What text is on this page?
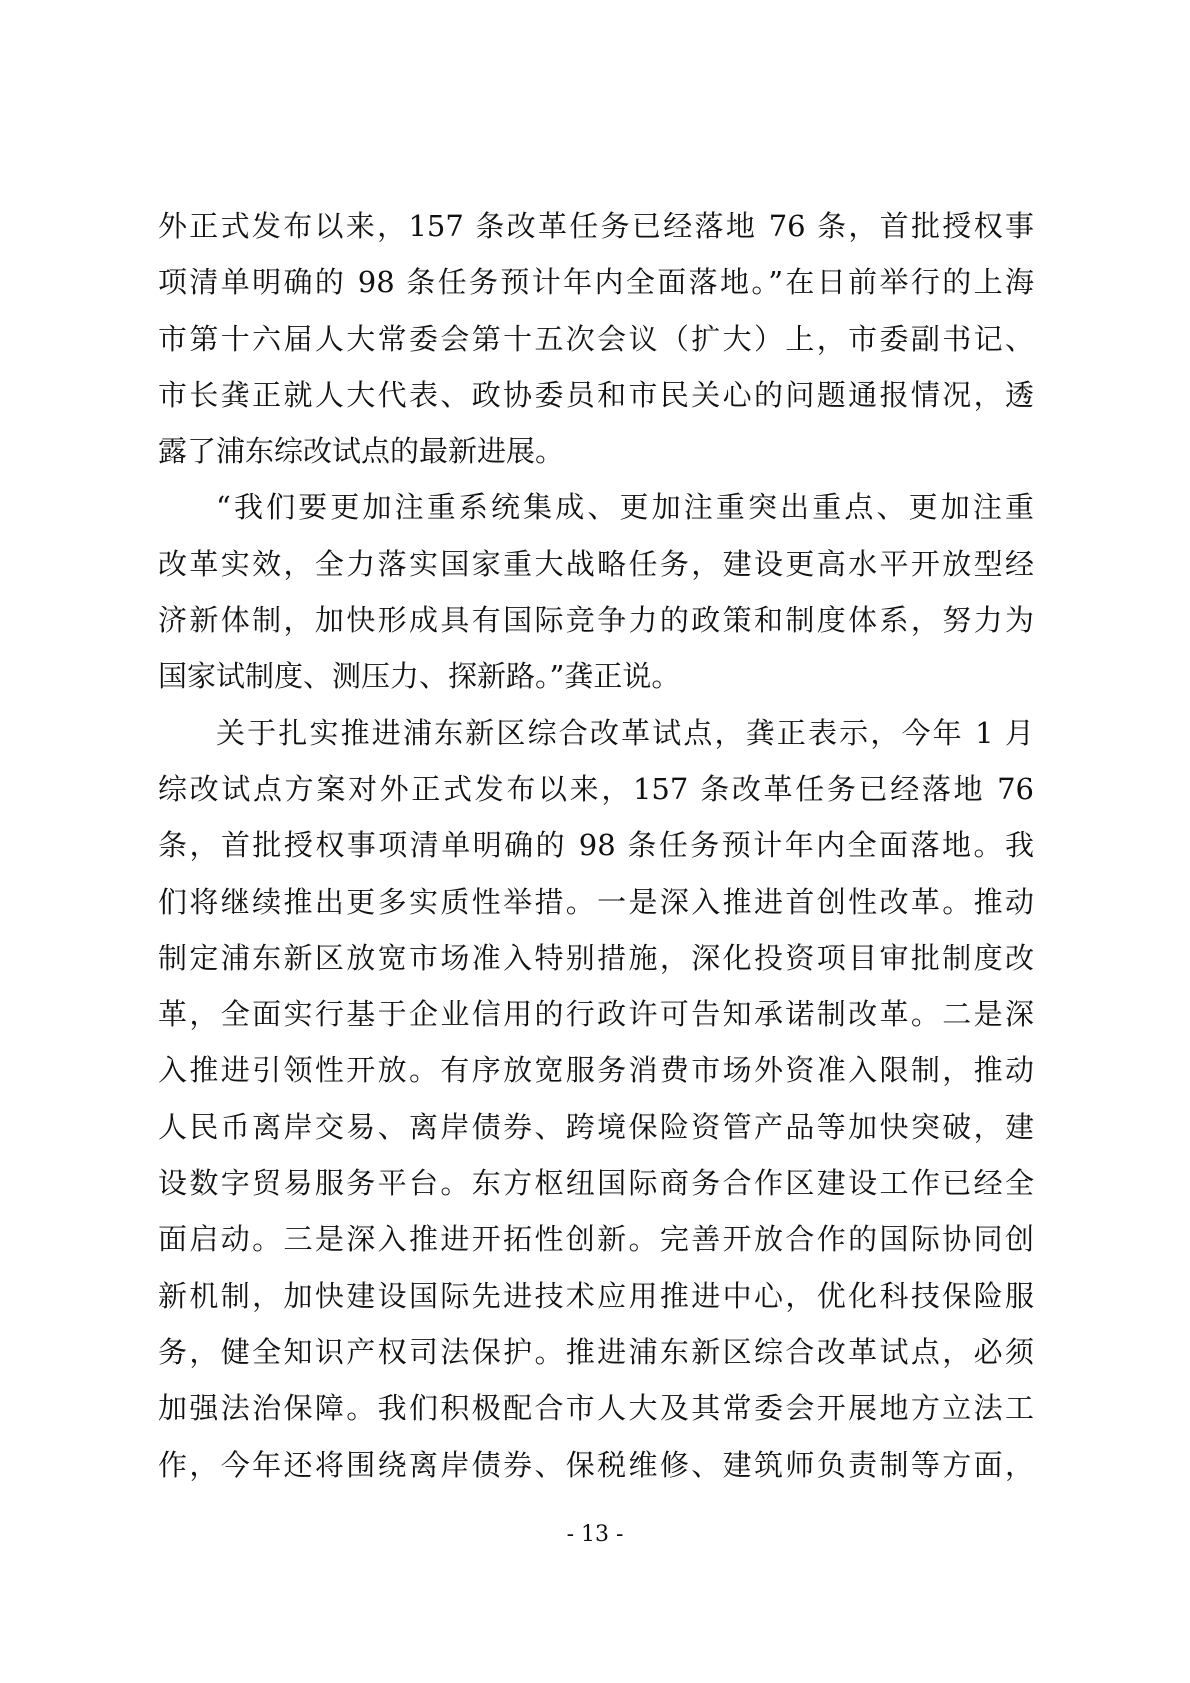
外正式发布以来，157 条改革任务已经落地 76 条，首批授权事
项清单明确的 98 条任务预计年内全面落地。”在日前举行的上海
市第十六届人大常委会第十五次会议（扩大）上，市委副书记、
市长龚正就人大代表、政协委员和市民关心的问题通报情况，透
露了浦东综改试点的最新进展。
“我们要更加注重系统集成、更加注重突出重点、更加注重
改革实效，全力落实国家重大战略任务，建设更高水平开放型经
济新体制，加快形成具有国际竞争力的政策和制度体系，努力为
国家试制度、测压力、探新路。”龚正说。
关于扎实推进浦东新区综合改革试点，龚正表示，今年 1 月
综改试点方案对外正式发布以来，157 条改革任务已经落地 76
条，首批授权事项清单明确的 98 条任务预计年内全面落地。我
们将继续推出更多实质性举措。一是深入推进首创性改革。推动
制定浦东新区放宽市场准入特别措施，深化投资项目审批制度改
革，全面实行基于企业信用的行政许可告知承诺制改革。二是深
入推进引领性开放。有序放宽服务消费市场外资准入限制，推动
人民币离岸交易、离岸债券、跨境保险资管产品等加快突破，建
设数字贸易服务平台。东方枢纽国际商务合作区建设工作已经全
面启动。三是深入推进开拓性创新。完善开放合作的国际协同创
新机制，加快建设国际先进技术应用推进中心，优化科技保险服
务，健全知识产权司法保护。推进浦东新区综合改革试点，必须
加强法治保障。我们积极配合市人大及其常委会开展地方立法工
作，今年还将围绕离岸债券、保税维修、建筑师负责制等方面，
- 13 -
